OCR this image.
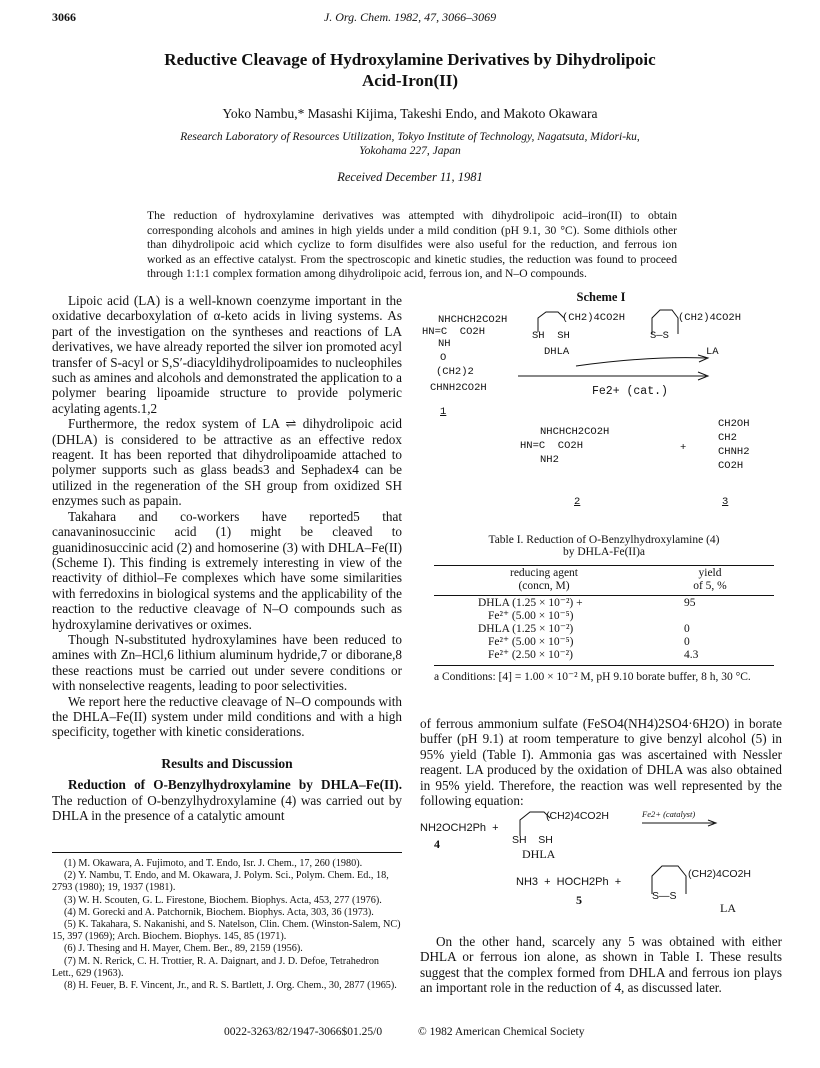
3066	J. Org. Chem. 1982, 47, 3066–3069
Reductive Cleavage of Hydroxylamine Derivatives by Dihydrolipoic
Acid-Iron(II)
Yoko Nambu,* Masashi Kijima, Takeshi Endo, and Makoto Okawara
Research Laboratory of Resources Utilization, Tokyo Institute of Technology, Nagatsuta, Midori-ku,
Yokohama 227, Japan
Received December 11, 1981
The reduction of hydroxylamine derivatives was attempted with dihydrolipoic acid–iron(II) to obtain corresponding alcohols and amines in high yields under a mild condition (pH 9.1, 30 °C). Some dithiols other than dihydrolipoic acid which cyclize to form disulfides were also useful for the reduction, and ferrous ion worked as an effective catalyst. From the spectroscopic and kinetic studies, the reduction was found to proceed through 1:1:1 complex formation among dihydrolipoic acid, ferrous ion, and N–O compounds.

Lipoic acid (LA) is a well-known coenzyme important in the oxidative decarboxylation of α-keto acids in living systems. As part of the investigation on the syntheses and reactions of LA derivatives, we have already reported the silver ion promoted acyl transfer of S-acyl or S,S′-diacyldihydrolipoamides to nucleophiles such as amines and alcohols and demonstrated the application to a polymer bearing lipoamide structure to provide polymeric acylating agents.1,2

Furthermore, the redox system of LA ⇌ dihydrolipoic acid (DHLA) is considered to be attractive as an effective redox reagent. It has been reported that dihydrolipoamide attached to polymer supports such as glass beads3 and Sephadex4 can be utilized in the regeneration of the SH group from oxidized SH enzymes such as papain.

Takahara and co-workers have reported5 that canavaninosuccinic acid (1) might be cleaved to guanidinosuccinic acid (2) and homoserine (3) with DHLA–Fe(II) (Scheme I). This finding is extremely interesting in view of the reactivity of dithiol–Fe complexes which have some similarities with ferredoxins in biological systems and the applicability of the reaction to the reductive cleavage of N–O compounds such as hydroxylamine derivatives or oximes.

Though N-substituted hydroxylamines have been reduced to amines with Zn–HCl,6 lithium aluminum hydride,7 or diborane,8 these reactions must be carried out under severe conditions or with nonselective reagents, leading to poor selectivities.

We report here the reductive cleavage of N–O compounds with the DHLA–Fe(II) system under mild conditions and with a high specificity, together with kinetic considerations.

Results and Discussion

Reduction of O-Benzylhydroxylamine by DHLA–Fe(II). The reduction of O-benzylhydroxylamine (4) was carried out by DHLA in the presence of a catalytic amount

(1) M. Okawara, A. Fujimoto, and T. Endo, Isr. J. Chem., 17, 260 (1980).
(2) Y. Nambu, T. Endo, and M. Okawara, J. Polym. Sci., Polym. Chem. Ed., 18, 2793 (1980); 19, 1937 (1981).
(3) W. H. Scouten, G. L. Firestone, Biochem. Biophys. Acta, 453, 277 (1976).
(4) M. Gorecki and A. Patchornik, Biochem. Biophys. Acta, 303, 36 (1973).
(5) K. Takahara, S. Nakanishi, and S. Natelson, Clin. Chem. (Winston-Salem, NC) 15, 397 (1969); Arch. Biochem. Biophys. 145, 85 (1971).
(6) J. Thesing and H. Mayer, Chem. Ber., 89, 2159 (1956).
(7) M. N. Rerick, C. H. Trottier, R. A. Daignart, and J. D. Defoe, Tetrahedron Lett., 629 (1963).
(8) H. Feuer, B. F. Vincent, Jr., and R. S. Bartlett, J. Org. Chem., 30, 2877 (1965).
Scheme I
NHCHCH2CO2H
HN=C  CO2H
NH
O
(CH2)2
CHNH2CO2H
1
(CH2)4CO2H
SH  SH
DHLA
(CH2)4CO2H
S—S
LA
Fe2+ (cat.)
NHCHCH2CO2H
HN=C  CO2H
NH2
+
CH2OH
CH2
CHNH2
CO2H
2	3
Table I. Reduction of O-Benzylhydroxylamine (4)
by DHLA-Fe(II)a
reducing agent
(concn, M)
yield
of 5, %
DHLA (1.25 × 10⁻²) +	95
Fe²⁺ (5.00 × 10⁻⁵)
DHLA (1.25 × 10⁻²)	0
Fe²⁺ (5.00 × 10⁻⁵)	0
Fe²⁺ (2.50 × 10⁻²)	4.3
a Conditions: [4] = 1.00 × 10⁻² M, pH 9.10 borate buffer, 8 h, 30 °C.

of ferrous ammonium sulfate (FeSO4(NH4)2SO4·6H2O) in borate buffer (pH 9.1) at room temperature to give benzyl alcohol (5) in 95% yield (Table I). Ammonia gas was ascertained with Nessler reagent. LA produced by the oxidation of DHLA was also obtained in 95% yield. Therefore, the reaction was well represented by the following equation:

NH2OCH2Ph  +
4
(CH2)4CO2H
SH    SH
DHLA
Fe2+ (catalyst)
NH3  +  HOCH2Ph  +
5
(CH2)4CO2H
S—S
LA

On the other hand, scarcely any 5 was obtained with either DHLA or ferrous ion alone, as shown in Table I. These results suggest that the complex formed from DHLA and ferrous ion plays an important role in the reduction of 4, as discussed later.

0022-3263/82/1947-3066$01.25/0	© 1982 American Chemical Society
